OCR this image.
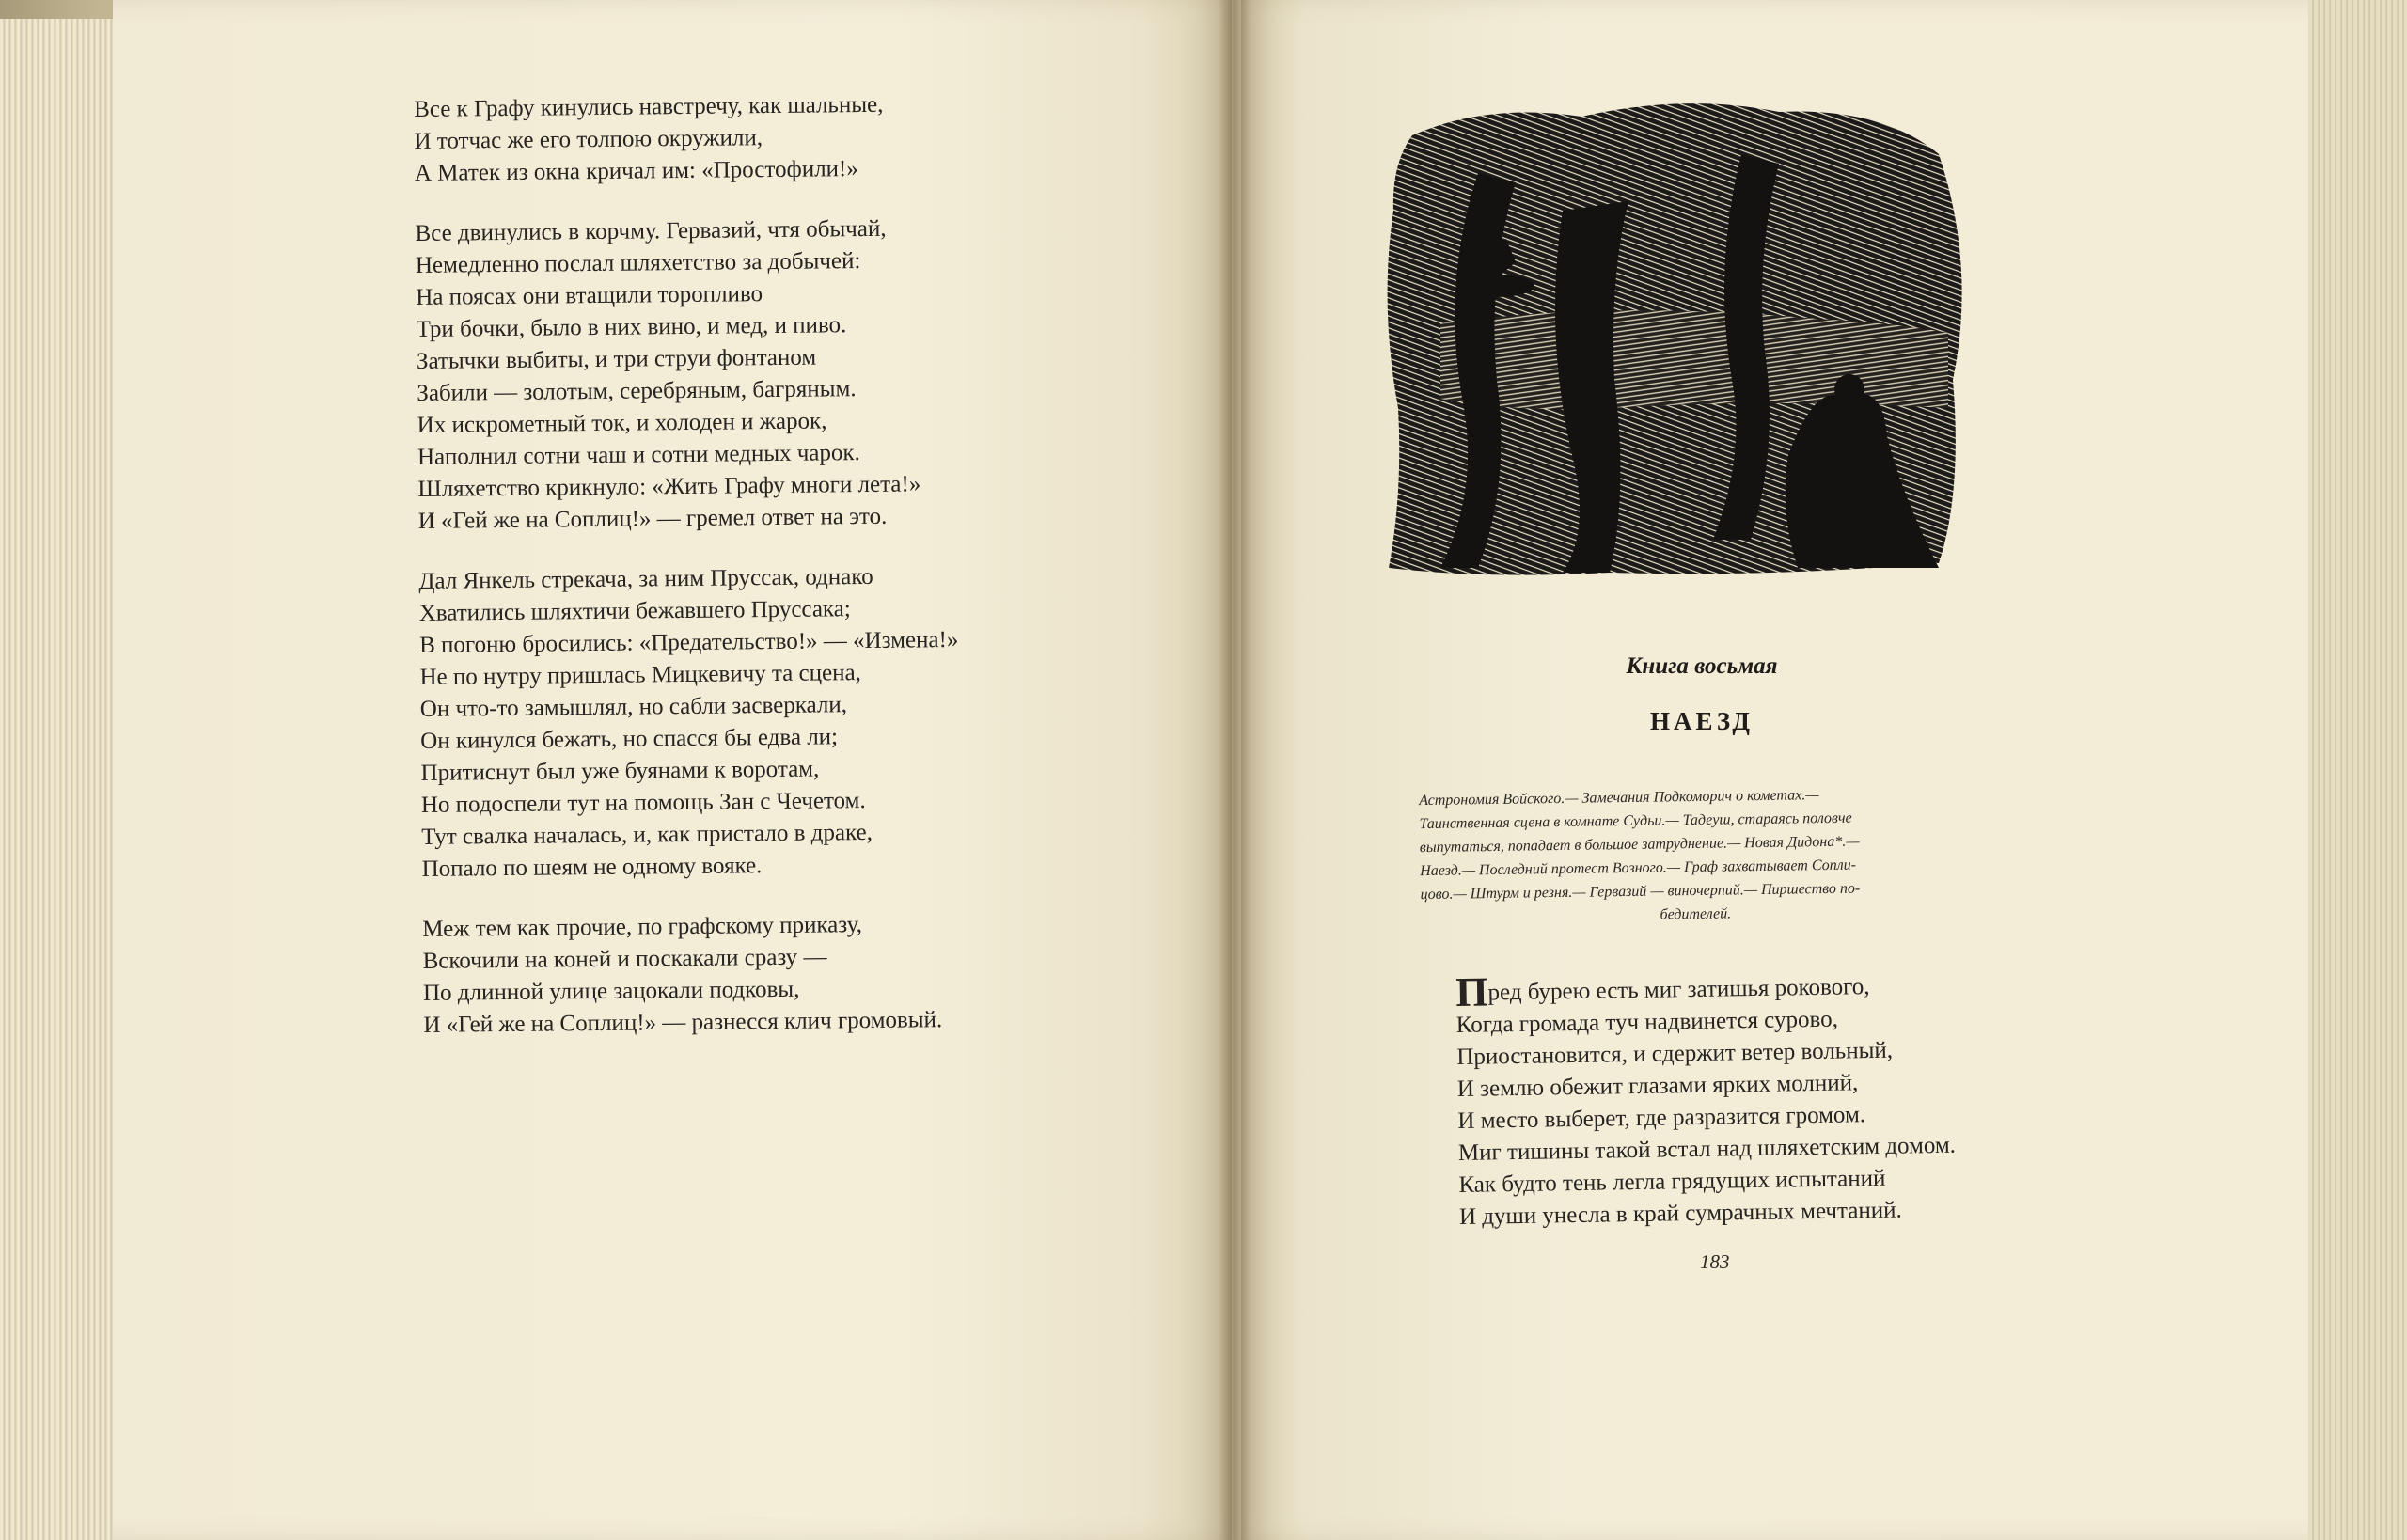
Все к Графу кинулись навстречу, как шальные,
И тотчас же его толпою окружили,
А Матек из окна кричал им: «Простофили!»
Все двинулись в корчму. Гервазий, чтя обычай,
Немедленно послал шляхетство за добычей:
На поясах они втащили торопливо
Три бочки, было в них вино, и мед, и пиво.
Затычки выбиты, и три струи фонтаном
Забили — золотым, серебряным, багряным.
Их искрометный ток, и холоден и жарок,
Наполнил сотни чаш и сотни медных чарок.
Шляхетство крикнуло: «Жить Графу многи лета!»
И «Гей же на Соплиц!» — гремел ответ на это.
Дал Янкель стрекача, за ним Пруссак, однако
Хватились шляхтичи бежавшего Пруссака;
В погоню бросились: «Предательство!» — «Измена!»
Не по нутру пришлась Мицкевичу та сцена,
Он что-то замышлял, но сабли засверкали,
Он кинулся бежать, но спасся бы едва ли;
Притиснут был уже буянами к воротам,
Но подоспели тут на помощь Зан с Чечетом.
Тут свалка началась, и, как пристало в драке,
Попало по шеям не одному вояке.
Меж тем как прочие, по графскому приказу,
Вскочили на коней и поскакали сразу —
По длинной улице зацокали подковы,
И «Гей же на Соплиц!» — разнесся клич громовый.
Книга восьмая
НАЕЗД
Астрономия Войского.— Замечания Подкоморич о кометах.—
Таинственная сцена в комнате Судьи.— Тадеуш, стараясь половче
выпутаться, попадает в большое затруднение.— Новая Дидона*.—
Наезд.— Последний протест Возного.— Граф захватывает Сопли-
цово.— Штурм и резня.— Гервазий — виночерпий.— Пиршество по-
бедителей.
Пред бурею есть миг затишья рокового,
Когда громада туч надвинется сурово,
Приостановится, и сдержит ветер вольный,
И землю обежит глазами ярких молний,
И место выберет, где разразится громом.
Миг тишины такой встал над шляхетским домом.
Как будто тень легла грядущих испытаний
И души унесла в край сумрачных мечтаний.
183
